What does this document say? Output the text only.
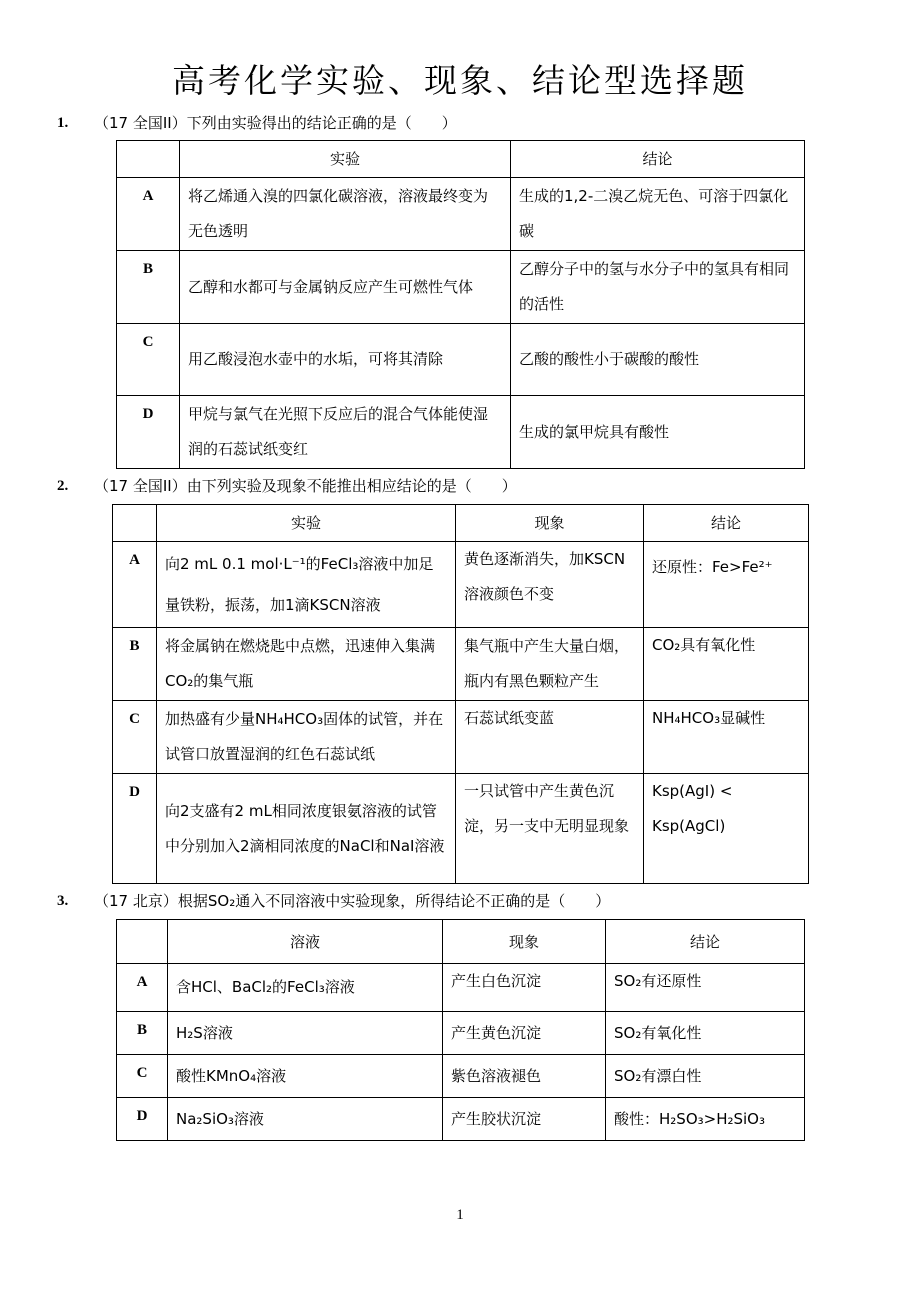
高考化学实验、现象、结论型选择题
1. （17 全国II）下列由实验得出的结论正确的是（　　）
	实验	结论
A	将乙烯通入溴的四氯化碳溶液，溶液最终变为无色透明	生成的1,2-二溴乙烷无色、可溶于四氯化碳
B	乙醇和水都可与金属钠反应产生可燃性气体	乙醇分子中的氢与水分子中的氢具有相同的活性
C	用乙酸浸泡水壶中的水垢，可将其清除	乙酸的酸性小于碳酸的酸性
D	甲烷与氯气在光照下反应后的混合气体能使湿润的石蕊试纸变红	生成的氯甲烷具有酸性
2. （17 全国II）由下列实验及现象不能推出相应结论的是（　　）
	实验	现象	结论
A	向2 mL 0.1 mol·L⁻¹的FeCl₃溶液中加足量铁粉，振荡，加1滴KSCN溶液	黄色逐渐消失，加KSCN溶液颜色不变	还原性：Fe>Fe²⁺
B	将金属钠在燃烧匙中点燃，迅速伸入集满CO₂的集气瓶	集气瓶中产生大量白烟，瓶内有黑色颗粒产生	CO₂具有氧化性
C	加热盛有少量NH₄HCO₃固体的试管，并在试管口放置湿润的红色石蕊试纸	石蕊试纸变蓝	NH₄HCO₃显碱性
D	向2支盛有2 mL相同浓度银氨溶液的试管中分别加入2滴相同浓度的NaCl和NaI溶液	一只试管中产生黄色沉淀，另一支中无明显现象	Ksp(AgI) < Ksp(AgCl)
3. （17 北京）根据SO₂通入不同溶液中实验现象，所得结论不正确的是（　　）
	溶液	现象	结论
A	含HCl、BaCl₂的FeCl₃溶液	产生白色沉淀	SO₂有还原性
B	H₂S溶液	产生黄色沉淀	SO₂有氧化性
C	酸性KMnO₄溶液	紫色溶液褪色	SO₂有漂白性
D	Na₂SiO₃溶液	产生胶状沉淀	酸性：H₂SO₃>H₂SiO₃
1
